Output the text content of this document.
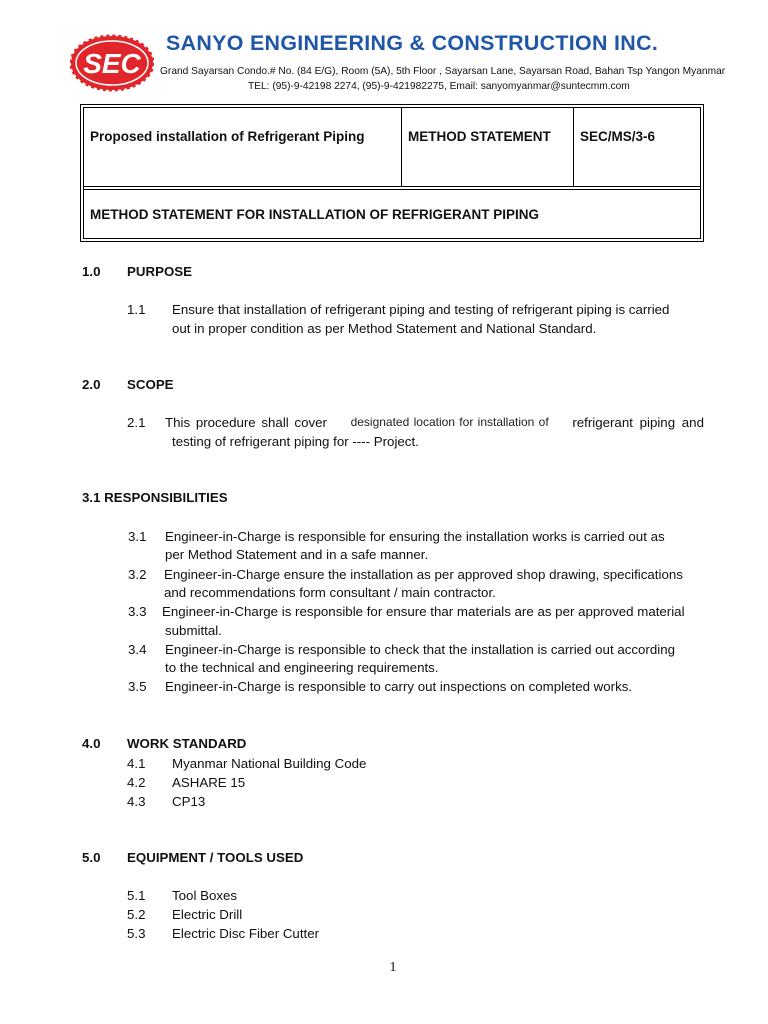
SEC
SANYO ENGINEERING & CONSTRUCTION INC.
Grand Sayarsan Condo.# No. (84 E/G), Room (5A), 5th Floor , Sayarsan Lane, Sayarsan Road, Bahan Tsp Yangon Myanmar
TEL: (95)-9-42198 2274, (95)-9-421982275, Email: sanyomyanmar@suntecmm.com
Proposed installation of Refrigerant Piping	METHOD STATEMENT SEC/MS/3-6
METHOD STATEMENT FOR INSTALLATION OF REFRIGERANT PIPING
1.0 PURPOSE
1.1 Ensure that installation of refrigerant piping and testing of refrigerant piping is carried
out in proper condition as per Method Statement and National Standard.
2.0 SCOPE
2.1 This procedure shall cover designated location for installation of refrigerant piping and
testing of refrigerant piping for ---- Project.
3.1 RESPONSIBILITIES
3.1 Engineer-in-Charge is responsible for ensuring the installation works is carried out as
per Method Statement and in a safe manner.
3.2 Engineer-in-Charge ensure the installation as per approved shop drawing, specifications
and recommendations form consultant / main contractor.
3.3 Engineer-in-Charge is responsible for ensure thar materials are as per approved material
submittal.
3.4 Engineer-in-Charge is responsible to check that the installation is carried out according
to the technical and engineering requirements.
3.5 Engineer-in-Charge is responsible to carry out inspections on completed works.
4.0 WORK STANDARD
4.1 Myanmar National Building Code
4.2 ASHARE 15
4.3 CP13
5.0 EQUIPMENT / TOOLS USED
5.1 Tool Boxes
5.2 Electric Drill
5.3 Electric Disc Fiber Cutter
1
